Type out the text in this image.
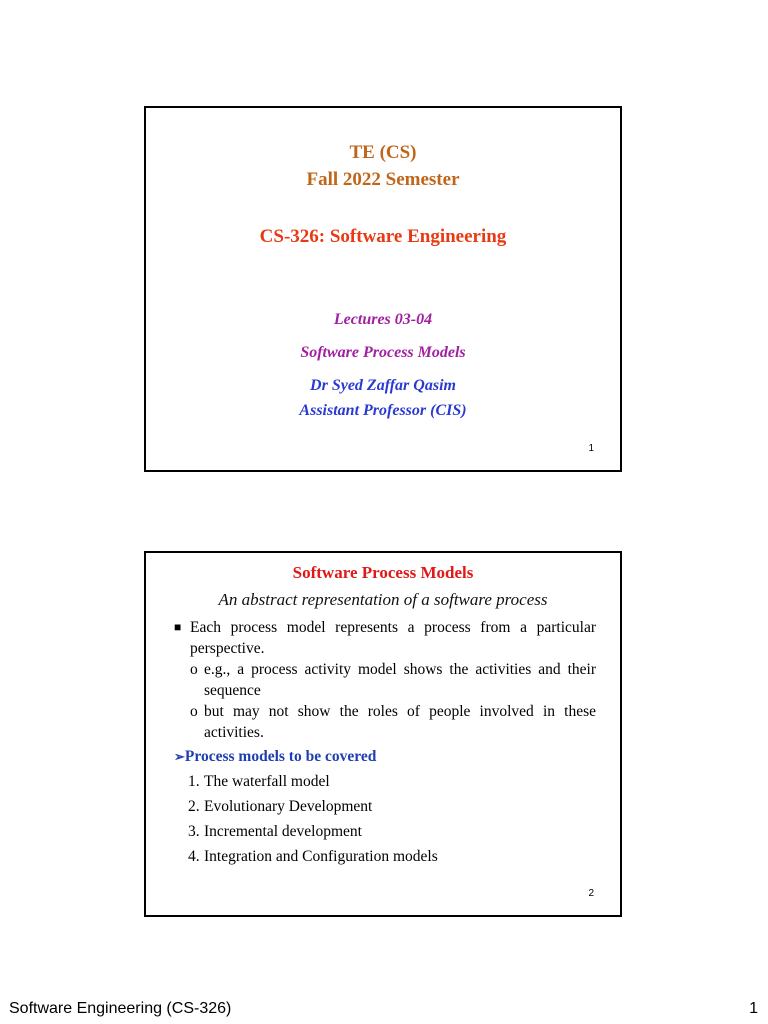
TE (CS)
Fall 2022 Semester
CS-326: Software Engineering
Lectures 03-04
Software Process Models
Dr Syed Zaffar Qasim
Assistant Professor (CIS)
1
Software Process Models
An abstract representation of a software process
■ Each process model represents a process from a particular perspective.
o e.g., a process activity model shows the activities and their sequence
o but may not show the roles of people involved in these activities.
➢Process models to be covered
1. The waterfall model
2. Evolutionary Development
3. Incremental development
4. Integration and Configuration models
2
Software Engineering (CS-326)	1
